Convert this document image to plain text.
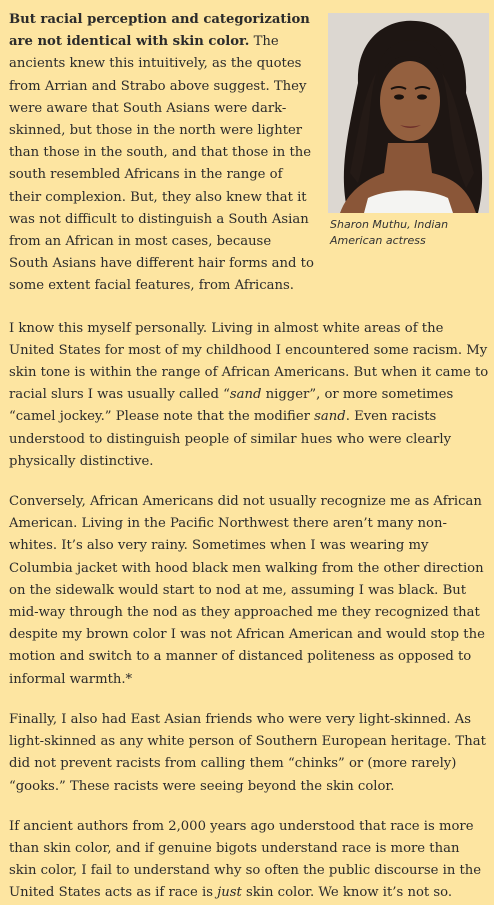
Sharon Muthu, Indian American actress

But racial perception and categorization are not identical with skin color. The ancients knew this intuitively, as the quotes from Arrian and Strabo above suggest. They were aware that South Asians were dark-skinned, but those in the north were lighter than those in the south, and that those in the south resembled Africans in the range of their complexion. But, they also knew that it was not difficult to distinguish a South Asian from an African in most cases, because South Asians have different hair forms and to some extent facial features, from Africans.

I know this myself personally. Living in almost white areas of the United States for most of my childhood I encountered some racism. My skin tone is within the range of African Americans. But when it came to racial slurs I was usually called “sand nigger”, or more sometimes “camel jockey.” Please note that the modifier sand. Even racists understood to distinguish people of similar hues who were clearly physically distinctive.

Conversely, African Americans did not usually recognize me as African American. Living in the Pacific Northwest there aren’t many non-whites. It’s also very rainy. Sometimes when I was wearing my Columbia jacket with hood black men walking from the other direction on the sidewalk would start to nod at me, assuming I was black. But mid-way through the nod as they approached me they recognized that despite my brown color I was not African American and would stop the motion and switch to a manner of distanced politeness as opposed to informal warmth.*

Finally, I also had East Asian friends who were very light-skinned. As light-skinned as any white person of Southern European heritage. That did not prevent racists from calling them “chinks” or (more rarely) “gooks.” These racists were seeing beyond the skin color.

If ancient authors from 2,000 years ago understood that race is more than skin color, and if genuine bigots understand race is more than skin color, I fail to understand why so often the public discourse in the United States acts as if race is just skin color. We know it’s not so.
